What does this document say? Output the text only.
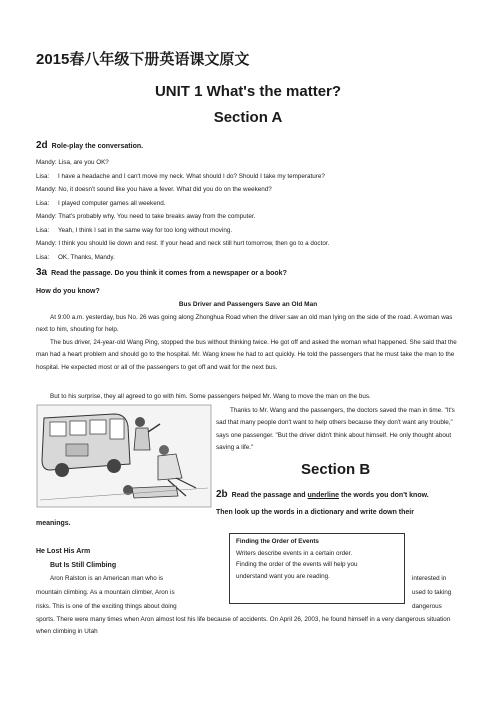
2015春八年级下册英语课文原文
UNIT 1 What's the matter?
Section A
2d Role-play the conversation.
Mandy: Lisa, are you OK?
Lisa: I have a headache and I can't move my neck. What should I do? Should I take my temperature?
Mandy: No, it doesn't sound like you have a fever. What did you do on the weekend?
Lisa: I played computer games all weekend.
Mandy: That's probably why. You need to take breaks away from the computer.
Lisa: Yeah, I think I sat in the same way for too long without moving.
Mandy: I think you should lie down and rest. If your head and neck still hurt tomorrow, then go to a doctor.
Lisa: OK. Thanks, Mandy.
3a Read the passage. Do you think it comes from a newspaper or a book?
How do you know?
Bus Driver and Passengers Save an Old Man
At 9:00 a.m. yesterday, bus No. 26 was going along Zhonghua Road when the driver saw an old man lying on the side of the road. A woman was next to him, shouting for help.
The bus driver, 24-year-old Wang Ping, stopped the bus without thinking twice. He got off and asked the woman what happened. She said that the man had a heart problem and should go to the hospital. Mr. Wang knew he had to act quickly. He told the passengers that he must take the man to the hospital. He expected most or all of the passengers to get off and wait for the next bus.
But to his surprise, they all agreed to go with him. Some passengers helped Mr. Wang to move the man on the bus.
Thanks to Mr. Wang and the passengers, the doctors saved the man in time. "It's sad that many people don't want to help others because they don't want any trouble," says one passenger. "But the driver didn't think about himself. He only thought about saving a life."
Section B
2b Read the passage and underline the words you don't know.
Then look up the words in a dictionary and write down their
meanings.
Finding the Order of Events
Writers describe events in a certain order.
Finding the order of the events will help you
understand want you are reading.
He Lost His Arm
But Is Still Climbing
Aron Ralston is an American man who is	interested in
mountain climbing. As a mountain climber, Aron is	used to taking
risks. This is one of the exciting things about doing	dangerous
sports. There were many times when Aron almost lost his life because of accidents. On April 26, 2003, he found himself in a very dangerous situation when climbing in Utah
